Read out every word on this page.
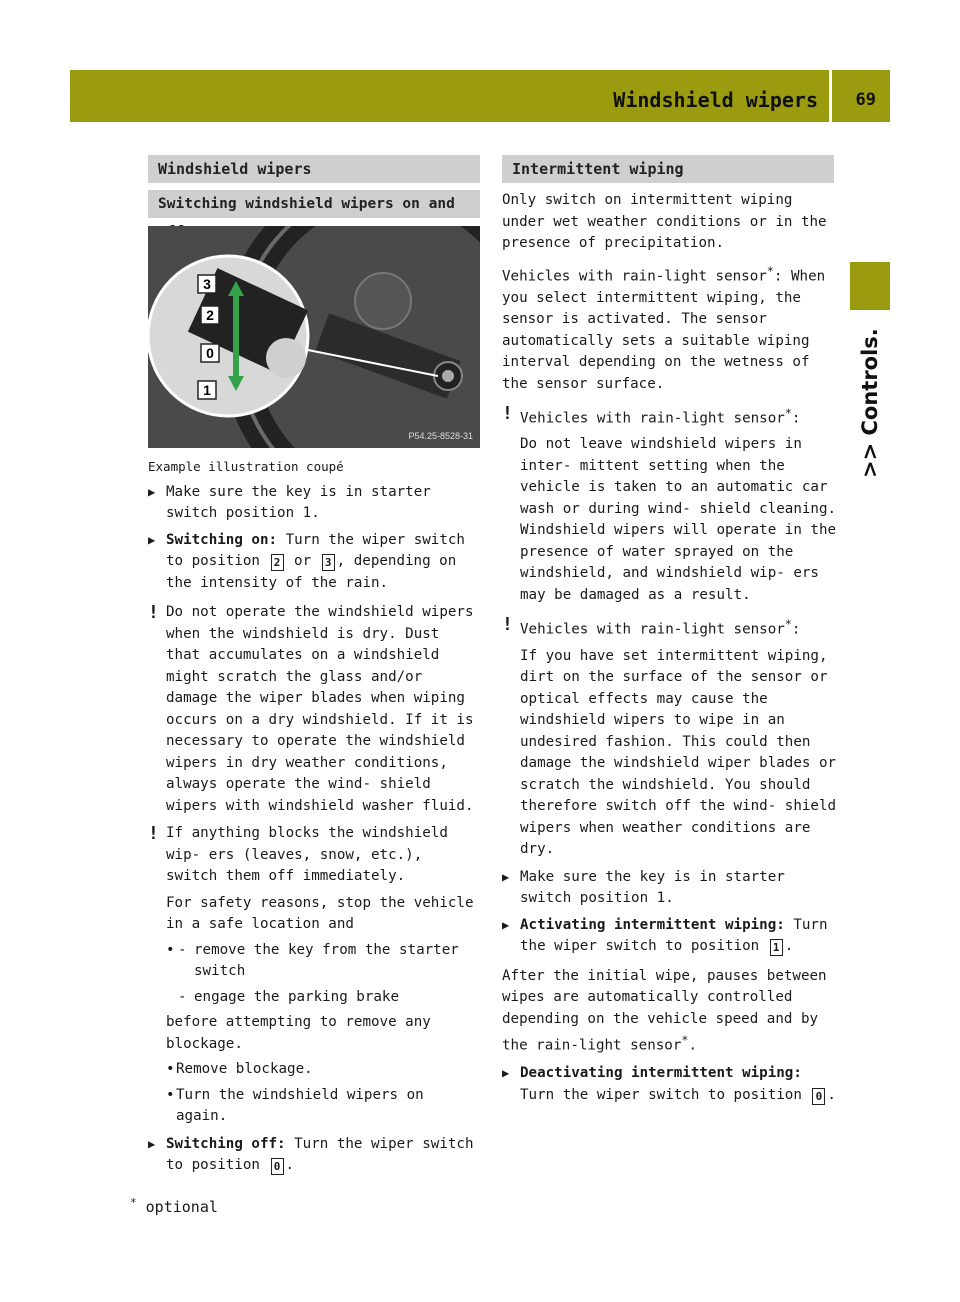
Windshield wipers 69
>> Controls.
Windshield wipers
Switching windshield wipers on and
3
2
0
1
P54.25-8528-31

Example illustration coupé

▶ Make sure the key is in starter switch position 1.
▶ Switching on: Turn the wiper switch to position 2 or 3 , depending on the intensity of the rain.
! Do not operate the windshield wipers when the windshield is dry. Dust that accumulates on a windshield might scratch the glass and/or damage the wiper blades when wiping occurs on a dry windshield. If it is necessary to operate the windshield wipers in dry weather conditions, always operate the wind- shield wipers with windshield washer fluid.
! If anything blocks the windshield wip- ers (leaves, snow, etc.), switch them off immediately.
For safety reasons, stop the vehicle in a safe location and
• - remove the key from the starter switch
- engage the parking brake
before attempting to remove any blockage.
• Remove blockage.
• Turn the windshield wipers on again.
▶ Switching off: Turn the wiper switch to position 0 .
Intermittent wiping

Only switch on intermittent wiping under wet weather conditions or in the presence of precipitation.

Vehicles with rain-light sensor*: When you select intermittent wiping, the sensor is activated. The sensor automatically sets a suitable wiping interval depending on the wetness of the sensor surface.

! Vehicles with rain-light sensor*:
Do not leave windshield wipers in inter- mittent setting when the vehicle is taken to an automatic car wash or during wind- shield cleaning. Windshield wipers will operate in the presence of water sprayed on the windshield, and windshield wip- ers may be damaged as a result.
! Vehicles with rain-light sensor*:
If you have set intermittent wiping, dirt on the surface of the sensor or optical effects may cause the windshield wipers to wipe in an undesired fashion. This could then damage the windshield wiper blades or scratch the windshield. You should therefore switch off the wind- shield wipers when weather conditions are dry.
▶ Make sure the key is in starter switch position 1.
▶ Activating intermittent wiping: Turn the wiper switch to position 1 .

After the initial wipe, pauses between wipes are automatically controlled depending on the vehicle speed and by the rain-light sensor*.

▶ Deactivating intermittent wiping: Turn the wiper switch to position 0 .
* optional
